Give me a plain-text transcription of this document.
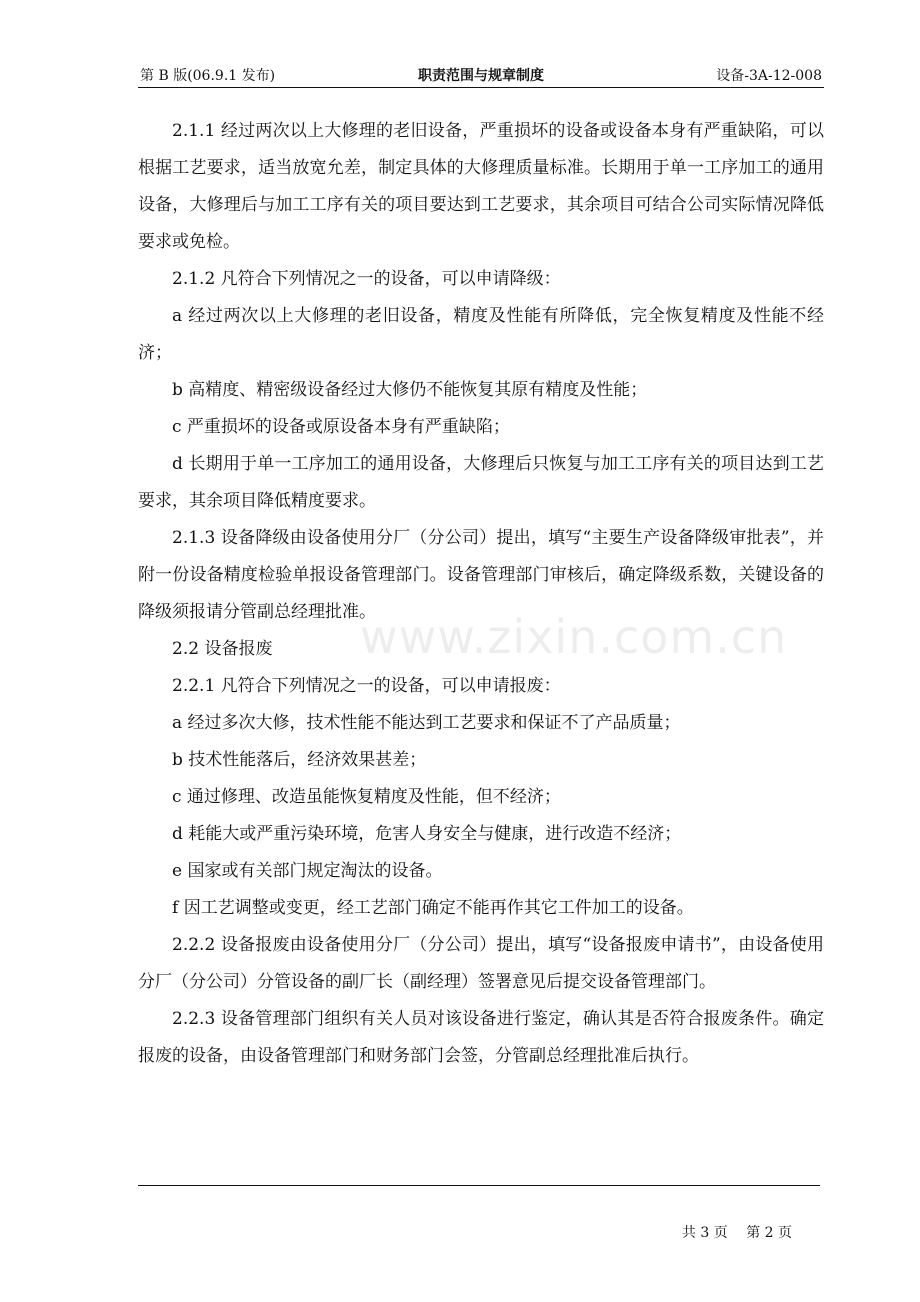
第 B 版(06.9.1 发布)	职责范围与规章制度	设备-3A-12-008

2.1.1 经过两次以上大修理的老旧设备，严重损坏的设备或设备本身有严重缺陷，可以根据工艺要求，适当放宽允差，制定具体的大修理质量标准。长期用于单一工序加工的通用设备，大修理后与加工工序有关的项目要达到工艺要求，其余项目可结合公司实际情况降低要求或免检。

2.1.2 凡符合下列情况之一的设备，可以申请降级：

a 经过两次以上大修理的老旧设备，精度及性能有所降低，完全恢复精度及性能不经济；

b 高精度、精密级设备经过大修仍不能恢复其原有精度及性能；

c 严重损坏的设备或原设备本身有严重缺陷；

d 长期用于单一工序加工的通用设备，大修理后只恢复与加工工序有关的项目达到工艺要求，其余项目降低精度要求。

2.1.3 设备降级由设备使用分厂（分公司）提出，填写“主要生产设备降级审批表”，并附一份设备精度检验单报设备管理部门。设备管理部门审核后，确定降级系数，关键设备的降级须报请分管副总经理批准。

2.2 设备报废

2.2.1 凡符合下列情况之一的设备，可以申请报废：

a 经过多次大修，技术性能不能达到工艺要求和保证不了产品质量；

b 技术性能落后，经济效果甚差；

c 通过修理、改造虽能恢复精度及性能，但不经济；

d 耗能大或严重污染环境，危害人身安全与健康，进行改造不经济；

e 国家或有关部门规定淘汰的设备。

f 因工艺调整或变更，经工艺部门确定不能再作其它工件加工的设备。

2.2.2 设备报废由设备使用分厂（分公司）提出，填写“设备报废申请书”，由设备使用分厂（分公司）分管设备的副厂长（副经理）签署意见后提交设备管理部门。

2.2.3 设备管理部门组织有关人员对该设备进行鉴定，确认其是否符合报废条件。确定报废的设备，由设备管理部门和财务部门会签，分管副总经理批准后执行。

www.zixin.com.cn
共 3 页 第 2 页
